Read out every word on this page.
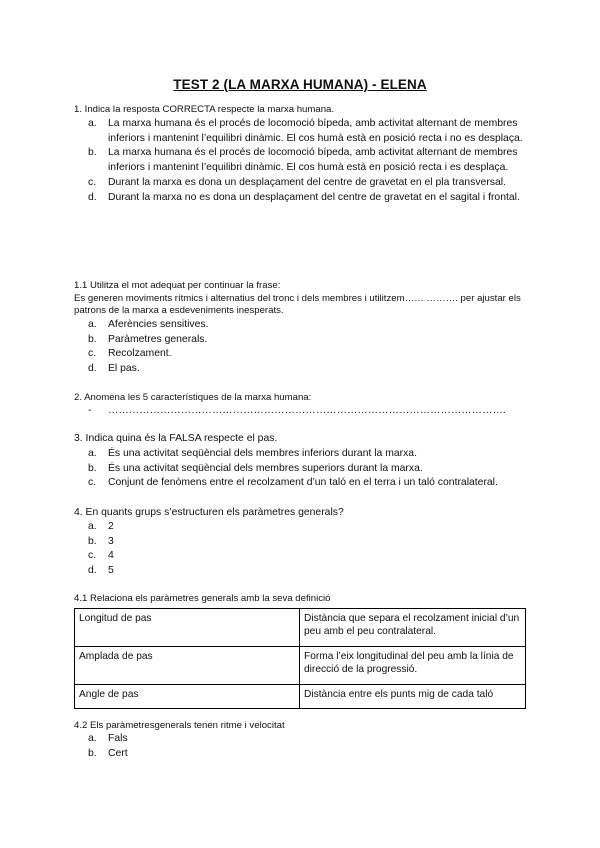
TEST 2 (LA MARXA HUMANA) - ELENA
1. Indica la resposta CORRECTA respecte la marxa humana.
a. La marxa humana és el procés de locomoció bípeda, amb activitat alternant de membres inferiors i mantenint l’equilibri dinàmic. El cos humà està en posició recta i no es desplaça.
b. La marxa humana és el procés de locomoció bípeda, amb activitat alternant de membres inferiors i mantenint l’equilibri dinàmic. El cos humà està en posició recta i es desplaça.
c. Durant la marxa es dona un desplaçament del centre de gravetat en el pla transversal.
d. Durant la marxa no es dona un desplaçament del centre de gravetat en el sagital i frontal.
1.1 Utilitza el mot adequat per continuar la frase:
Es generen moviments rítmics i alternatius del tronc i dels membres i utilitzem…… ………. per ajustar els patrons de la marxa a esdeveniments inesperats.
a. Aferències sensitives.
b. Paràmetres generals.
c. Recolzament.
d. El pas.
2. Anomena les 5 característiques de la marxa humana:
- …………………………………………………………………………………………………….
3. Indica quina és la FALSA respecte el pas.
a. És una activitat seqüèncial dels membres inferiors durant la marxa.
b. És una activitat seqüèncial dels membres superiors durant la marxa.
c. Conjunt de fenòmens entre el recolzament d’un taló en el terra i un taló contralateral.
4. En quants grups s’estructuren els paràmetres generals?
a. 2
b. 3
c. 4
d. 5
4.1 Relaciona els paràmetres generals amb la seva definició
Longitud de pas	Distància que separa el recolzament inicial d’un peu amb el peu contralateral.
Amplada de pas	Forma l’eix longitudinal del peu amb la línia de direcció de la progressió.
Angle de pas	Distància entre els punts mig de cada taló
4.2 Els paràmetresgenerals tenen ritme i velocitat
a. Fals
b. Cert
